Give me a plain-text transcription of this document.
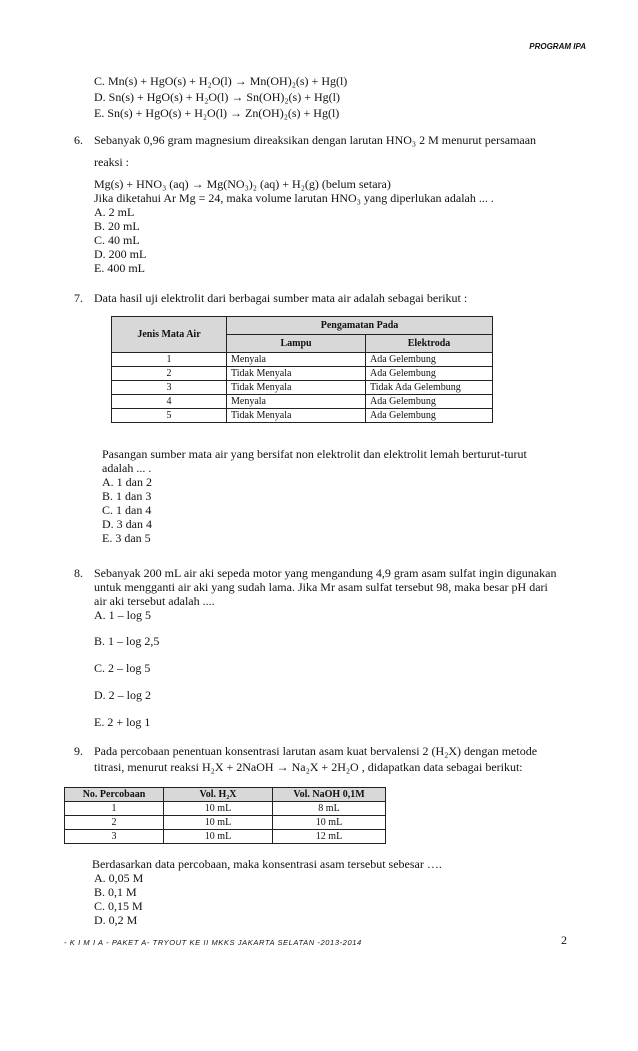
PROGRAM IPA
C. Mn(s) + HgO(s) + H₂O(l) → Mn(OH)₂(s) + Hg(l)
D. Sn(s) + HgO(s) + H₂O(l) → Sn(OH)₂(s) + Hg(l)
E. Sn(s) + HgO(s) + H₂O(l) → Zn(OH)₂(s) + Hg(l)
6. Sebanyak 0,96 gram magnesium direaksikan dengan larutan HNO₃ 2 M menurut persamaan
reaksi :
Mg(s) + HNO₃ (aq) → Mg(NO₃)₂ (aq) + H₂(g) (belum setara)
Jika diketahui Ar Mg = 24, maka volume larutan HNO₃ yang diperlukan adalah ... .
A. 2 mL
B. 20 mL
C. 40 mL
D. 200 mL
E. 400 mL
7. Data hasil uji elektrolit dari berbagai sumber mata air adalah sebagai berikut :
Jenis Mata Air	Pengamatan Pada	
	Lampu	Elektroda
1	Menyala	Ada Gelembung
2	Tidak Menyala	Ada Gelembung
3	Tidak Menyala	Tidak Ada Gelembung
4	Menyala	Ada Gelembung
5	Tidak Menyala	Ada Gelembung
Pasangan sumber mata air yang bersifat non elektrolit dan elektrolit lemah berturut-turut
adalah ... .
A. 1 dan 2
B. 1 dan 3
C. 1 dan 4
D. 3 dan 4
E. 3 dan 5
8. Sebanyak 200 mL air aki sepeda motor yang mengandung 4,9 gram asam sulfat ingin digunakan
untuk mengganti air aki yang sudah lama. Jika Mr asam sulfat tersebut 98, maka besar pH dari
air aki tersebut adalah ....
A. 1 – log 5
B. 1 – log 2,5
C. 2 – log 5
D. 2 – log 2
E. 2 + log 1
9. Pada percobaan penentuan konsentrasi larutan asam kuat bervalensi 2 (H₂X) dengan metode
titrasi, menurut reaksi H₂X + 2NaOH → Na₂X + 2H₂O , didapatkan data sebagai berikut:
No. Percobaan	Vol. H₂X	Vol. NaOH 0,1M
1	10 mL	8 mL
2	10 mL	10 mL
3	10 mL	12 mL
Berdasarkan data percobaan, maka konsentrasi asam tersebut sebesar ….
A. 0,05 M
B. 0,1 M
C. 0,15 M
D. 0,2 M
- K I M I A - PAKET A- TRYOUT KE II MKKS JAKARTA SELATAN -2013-2014	2
